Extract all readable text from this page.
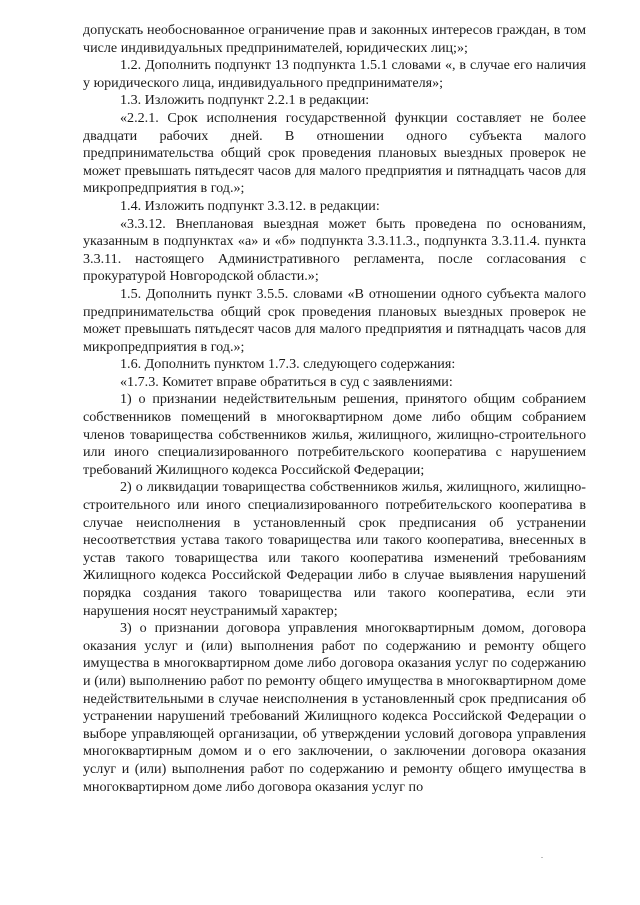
допускать необоснованное ограничение прав и законных интересов граждан, в том числе индивидуальных предпринимателей, юридических лиц;»;

1.2. Дополнить подпункт 13 подпункта 1.5.1 словами «, в случае его наличия у юридического лица, индивидуального предпринимателя»;

1.3. Изложить подпункт 2.2.1 в редакции:

«2.2.1. Срок исполнения государственной функции составляет не более двадцати рабочих дней. В отношении одного субъекта малого предпринимательства общий срок проведения плановых выездных проверок не может превышать пятьдесят часов для малого предприятия и пятнадцать часов для микропредприятия в год.»;

1.4. Изложить подпункт 3.3.12. в редакции:

«3.3.12. Внеплановая выездная может быть проведена по основаниям, указанным в подпунктах «а» и «б» подпункта 3.3.11.3., подпункта 3.3.11.4. пункта 3.3.11. настоящего Административного регламента, после согласования с прокуратурой Новгородской области.»;

1.5. Дополнить пункт 3.5.5. словами «В отношении одного субъекта малого предпринимательства общий срок проведения плановых выездных проверок не может превышать пятьдесят часов для малого предприятия и пятнадцать часов для микропредприятия в год.»;

1.6. Дополнить пунктом 1.7.3. следующего содержания:

«1.7.3. Комитет вправе обратиться в суд с заявлениями:

1) о признании недействительным решения, принятого общим собранием собственников помещений в многоквартирном доме либо общим собранием членов товарищества собственников жилья, жилищного, жилищно-строительного или иного специализированного потребительского кооператива с нарушением требований Жилищного кодекса Российской Федерации;

2) о ликвидации товарищества собственников жилья, жилищного, жилищно-строительного или иного специализированного потребительского кооператива в случае неисполнения в установленный срок предписания об устранении несоответствия устава такого товарищества или такого кооператива, внесенных в устав такого товарищества или такого кооператива изменений требованиям Жилищного кодекса Российской Федерации либо в случае выявления нарушений порядка создания такого товарищества или такого кооператива, если эти нарушения носят неустранимый характер;

3) о признании договора управления многоквартирным домом, договора оказания услуг и (или) выполнения работ по содержанию и ремонту общего имущества в многоквартирном доме либо договора оказания услуг по содержанию и (или) выполнению работ по ремонту общего имущества в многоквартирном доме недействительными в случае неисполнения в установленный срок предписания об устранении нарушений требований Жилищного кодекса Российской Федерации о выборе управляющей организации, об утверждении условий договора управления многоквартирным домом и о его заключении, о заключении договора оказания услуг и (или) выполнения работ по содержанию и ремонту общего имущества в многоквартирном доме либо договора оказания услуг по
